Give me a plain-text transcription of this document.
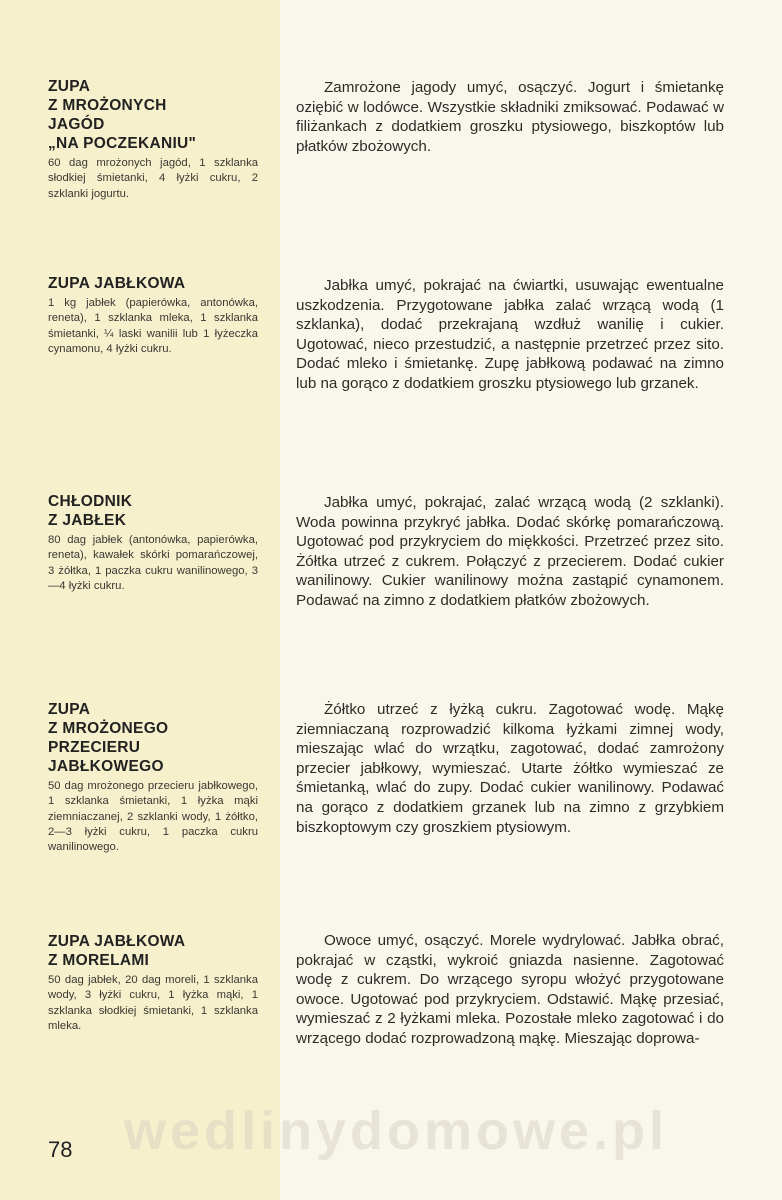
ZUPA
Z MROŻONYCH
JAGÓD
„NA POCZEKANIU"
60 dag mrożonych jagód, 1 szklanka słodkiej śmietanki, 4 łyżki cukru, 2 szklanki jogurtu.

Zamrożone jagody umyć, osączyć. Jogurt i śmietankę oziębić w lodówce. Wszystkie składniki zmiksować. Podawać w filiżankach z dodatkiem groszku ptysiowego, biszkoptów lub płatków zbożowych.

ZUPA JABŁKOWA
1 kg jabłek (papierówka, antonówka, reneta), 1 szklanka mleka, 1 szklanka śmietanki, ¼ laski wanilii lub 1 łyżeczka cynamonu, 4 łyżki cukru.

Jabłka umyć, pokrajać na ćwiartki, usuwając ewentualne uszkodzenia. Przygotowane jabłka zalać wrzącą wodą (1 szklanka), dodać przekrajaną wzdłuż wanilię i cukier. Ugotować, nieco przestudzić, a następnie przetrzeć przez sito. Dodać mleko i śmietankę. Zupę jabłkową podawać na zimno lub na gorąco z dodatkiem groszku ptysiowego lub grzanek.

CHŁODNIK
Z JABŁEK
80 dag jabłek (antonówka, papierówka, reneta), kawałek skórki pomarańczowej, 3 żółtka, 1 paczka cukru wanilinowego, 3—4 łyżki cukru.

Jabłka umyć, pokrajać, zalać wrzącą wodą (2 szklanki). Woda powinna przykryć jabłka. Dodać skórkę pomarańczową. Ugotować pod przykryciem do miękkości. Przetrzeć przez sito. Żółtka utrzeć z cukrem. Połączyć z przecierem. Dodać cukier wanilinowy. Cukier wanilinowy można zastąpić cynamonem. Podawać na zimno z dodatkiem płatków zbożowych.

ZUPA
Z MROŻONEGO
PRZECIERU
JABŁKOWEGO
50 dag mrożonego przecieru jabłkowego, 1 szklanka śmietanki, 1 łyżka mąki ziemniaczanej, 2 szklanki wody, 1 żółtko, 2—3 łyżki cukru, 1 paczka cukru wanilinowego.

Żółtko utrzeć z łyżką cukru. Zagotować wodę. Mąkę ziemniaczaną rozprowadzić kilkoma łyżkami zimnej wody, mieszając wlać do wrzątku, zagotować, dodać zamrożony przecier jabłkowy, wymieszać. Utarte żółtko wymieszać ze śmietanką, wlać do zupy. Dodać cukier wanilinowy. Podawać na gorąco z dodatkiem grzanek lub na zimno z grzybkiem biszkoptowym czy groszkiem ptysiowym.

ZUPA JABŁKOWA
Z MORELAMI
50 dag jabłek, 20 dag moreli, 1 szklanka wody, 3 łyżki cukru, 1 łyżka mąki, 1 szklanka słodkiej śmietanki, 1 szklanka mleka.

Owoce umyć, osączyć. Morele wydrylować. Jabłka obrać, pokrajać w cząstki, wykroić gniazda nasienne. Zagotować wodę z cukrem. Do wrzącego syropu włożyć przygotowane owoce. Ugotować pod przykryciem. Odstawić. Mąkę przesiać, wymieszać z 2 łyżkami mleka. Pozostałe mleko zagotować i do wrzącego dodać rozprowadzoną mąkę. Mieszając doprowa-

wedlinydomowe.pl
78
